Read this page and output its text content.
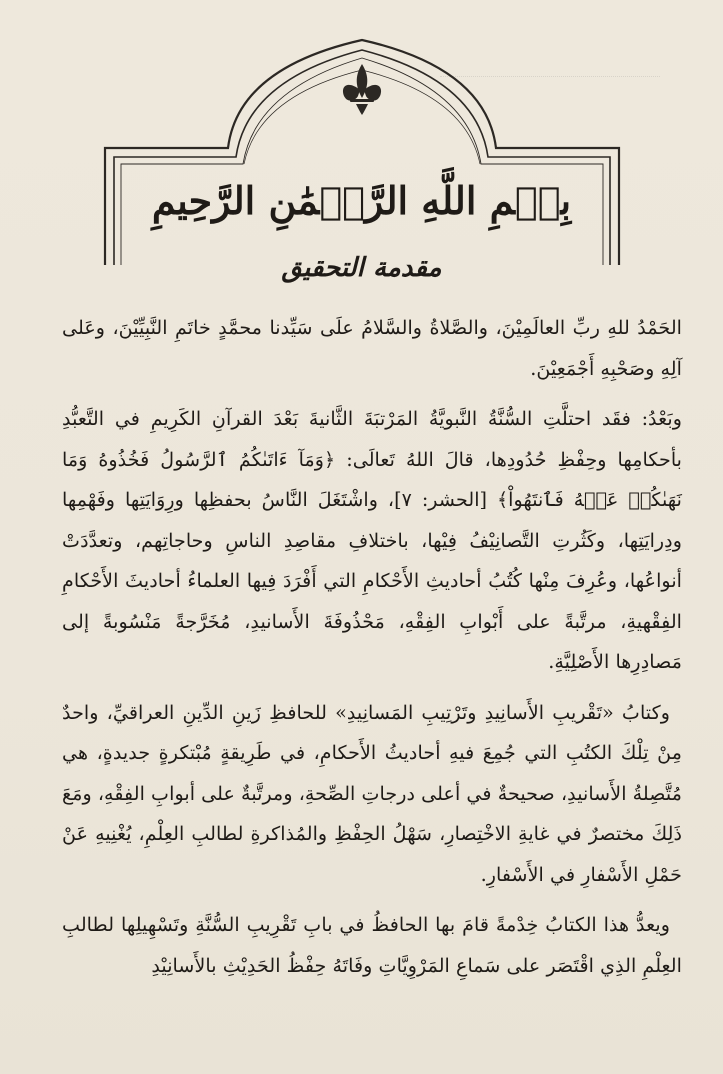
بِسۡمِ اللَّهِ الرَّحۡمَٰنِ الرَّحِيمِ
مقدمة التحقيق

الحَمْدُ للهِ ربِّ العالَمِيْنَ، والصَّلاةُ والسَّلامُ علَى سَيِّدنا محمَّدٍ خاتَمِ النَّبِيِّيْنَ، وعَلى آلِهِ وصَحْبِهِ أَجْمَعِيْنَ.

وبَعْدُ: فقَد احتلَّتِ السُّنَّةُ النَّبويَّةُ المَرْتبَةَ الثَّانيةَ بَعْدَ القرآنِ الكَرِيمِ في التَّعبُّدِ بأحكامِها وحِفْظِ حُدُودِها، قالَ اللهُ تَعالَى: ﴿وَمَآ ءَاتَىٰكُمُ ٱلرَّسُولُ فَخُذُوهُ وَمَا نَهَىٰكُمۡ عَنۡهُ فَٱنتَهُواْ﴾ [الحشر: ٧]، واشْتَغَلَ النَّاسُ بحفظِها ورِوَايَتِها وفَهْمِها ودِرايَتِها، وكَثُرتِ التَّصانِيْفُ فِيْها، باختلافِ مقاصِدِ الناسِ وحاجاتِهم، وتعدَّدَتْ أنواعُها، وعُرِفَ مِنْها كُتُبُ أحاديثِ الأَحْكامِ التي أَفْرَدَ فِيها العلماءُ أحاديثَ الأَحْكامِ الفِقْهيةِ، مرتَّبةً على أَبْوابِ الفِقْهِ، مَحْذُوفَةَ الأَسانيدِ، مُخَرَّجةً مَنْسُوبةً إلى مَصادِرِها الأَصْلِيَّةِ.

وكتابُ «تَقْريبِ الأَسانِيدِ وتَرْتِيبِ المَسانِيدِ» للحافظِ زَينِ الدِّينِ العراقيِّ، واحدٌ مِنْ تِلْكَ الكتُبِ التي جُمِعَ فيهِ أحاديثُ الأَحكامِ، في طَرِيقةٍ مُبْتكرةٍ جديدةٍ، هي مُتَّصِلةُ الأَسانيدِ، صحيحةٌ في أعلى درجاتِ الصِّحةِ، ومرتَّبةٌ على أبوابِ الفِقْهِ، ومَعَ ذَلِكَ مختصرٌ في غايةِ الاخْتِصارِ، سَهْلُ الحِفْظِ والمُذاكرةِ لطالبِ العِلْمِ، يُغْنِيهِ عَنْ حَمْلِ الأَسْفارِ في الأَسْفارِ.

ويعدُّ هذا الكتابُ خِدْمةً قامَ بها الحافظُ في بابِ تَقْرِيبِ السُّنَّةِ وتَسْهِيلِها لطالبِ العِلْمِ الذِي اقْتَصَر على سَماعِ المَرْوِيَّاتِ وفَاتَهُ حِفْظُ الحَدِيْثِ بالأَسانِيْدِ
